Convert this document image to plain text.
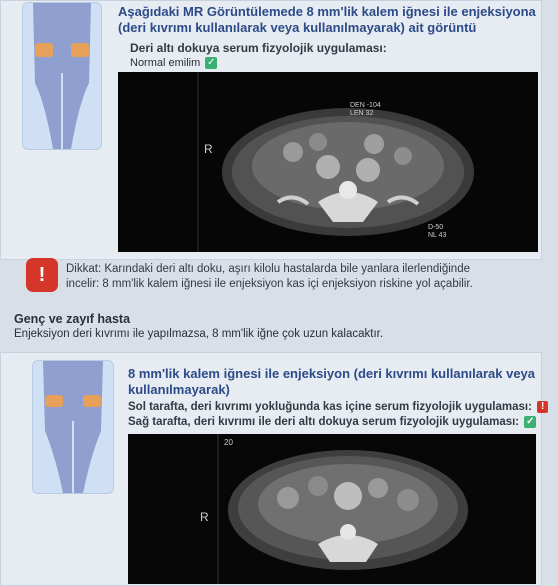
Aşağıdaki MR Görüntülemede 8 mm'lik kalem iğnesi ile enjeksiyona
(deri kıvrımı kullanılarak veya kullanılmayarak) ait görüntü
Deri altı dokuya serum fizyolojik uygulaması:
Normal emilim ✓
R
DEN -104
LEN 32
D-50
NL 43
!	Dikkat: Karındaki deri altı doku, aşırı kilolu hastalarda bile yanlara ilerlendiğinde
incelir: 8 mm'lik kalem iğnesi ile enjeksiyon kas içi enjeksiyon riskine yol açabilir.
Genç ve zayıf hasta
Enjeksiyon deri kıvrımı ile yapılmazsa, 8 mm'lik iğne çok uzun kalacaktır.
8 mm'lik kalem iğnesi ile enjeksiyon (deri kıvrımı kullanılarak veya
kullanılmayarak)
Sol tarafta, deri kıvrımı yokluğunda kas içine serum fizyolojik uygulaması: !
Sağ tarafta, deri kıvrımı ile deri altı dokuya serum fizyolojik uygulaması: ✓
20
R
